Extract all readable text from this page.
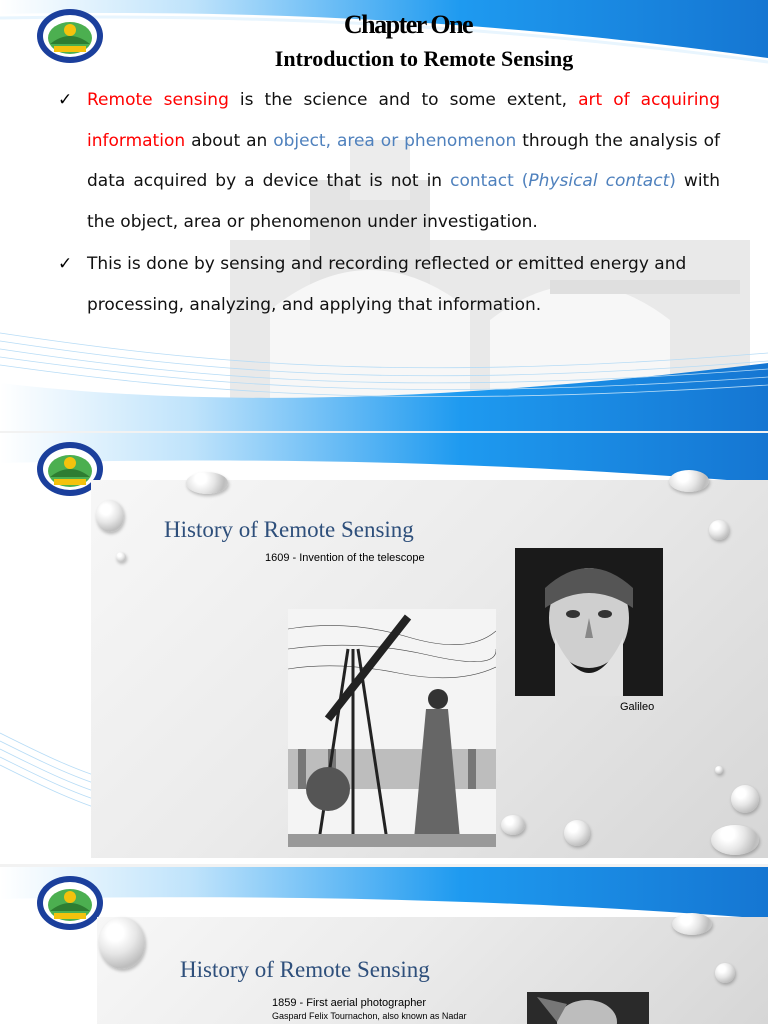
Chapter One
Introduction to Remote Sensing
✓ Remote sensing is the science and to some extent, art of acquiring information about an object, area or phenomenon through the analysis of data acquired by a device that is not in contact (Physical contact) with the object, area or phenomenon under investigation.
✓ This is done by sensing and recording reflected or emitted energy and processing, analyzing, and applying that information.
History of Remote Sensing
1609 - Invention of the telescope
Galileo
History of Remote Sensing
1859 - First aerial photographer
Gaspard Felix Tournachon, also known as Nadar
